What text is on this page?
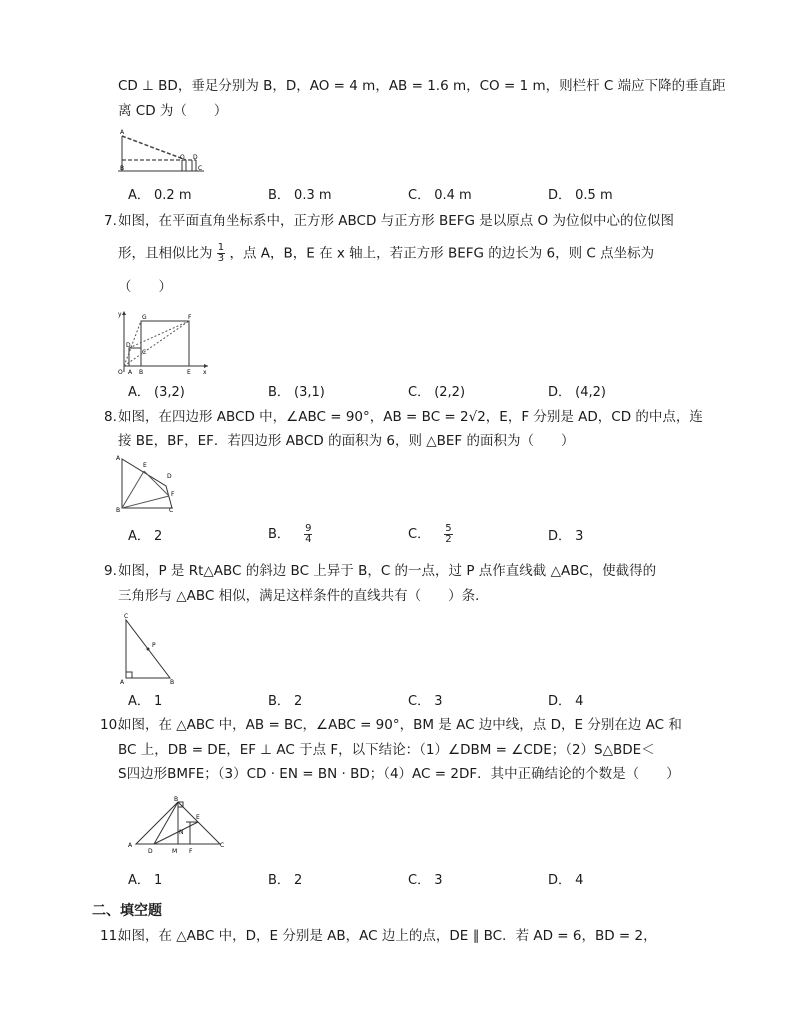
CD ⊥ BD，垂足分别为 B，D，AO = 4 m，AB = 1.6 m，CO = 1 m，则栏杆 C 端应下降的垂直距
离 CD 为（　　）
A
B
O D
C
A． 0.2 m	B． 0.3 m	C． 0.4 m	D． 0.5 m
7. 如图，在平面直角坐标系中，正方形 ABCD 与正方形 BEFG 是以原点 O 为位似中心的位似图
形，且相似比为 $\frac{1}{3}$ ，点 A，B，E 在 x 轴上，若正方形 BEFG 的边长为 6，则 C 点坐标为
（　　）
y	G	F
D
C
O A B	E x
A． (3,2)	B． (3,1)	C． (2,2)	D． (4,2)
8. 如图，在四边形 ABCD 中，∠ABC = 90°，AB = BC = 2√2，E，F 分别是 AD，CD 的中点，连
接 BE，BF，EF．若四边形 ABCD 的面积为 6，则 △BEF 的面积为（　　）
A
E
D
F
B	C
A． 2	B． $\frac{9}{4}$	C． $\frac{5}{2}$	D． 3
9. 如图，P 是 Rt△ABC 的斜边 BC 上异于 B，C 的一点，过 P 点作直线截 △ABC，使截得的
三角形与 △ABC 相似，满足这样条件的直线共有（　　）条．
C
P
A	B
A． 1	B． 2	C． 3	D． 4
10.
如图，在 △ABC 中，AB = BC，∠ABC = 90°，BM 是 AC 边中线，点 D，E 分别在边 AC 和
BC 上，DB = DE，EF ⊥ AC 于点 F，以下结论：（1）∠DBM = ∠CDE；（2）S△BDE＜
S四边形BMFE；（3）CD · EN = BN · BD；（4）AC = 2DF．其中正确结论的个数是（　　）
B
E
N
A
D	M F
C
A． 1	B． 2	C． 3	D． 4
二、填空题
11.
如图，在 △ABC 中，D，E 分别是 AB，AC 边上的点，DE ∥ BC．若 AD = 6，BD = 2，
